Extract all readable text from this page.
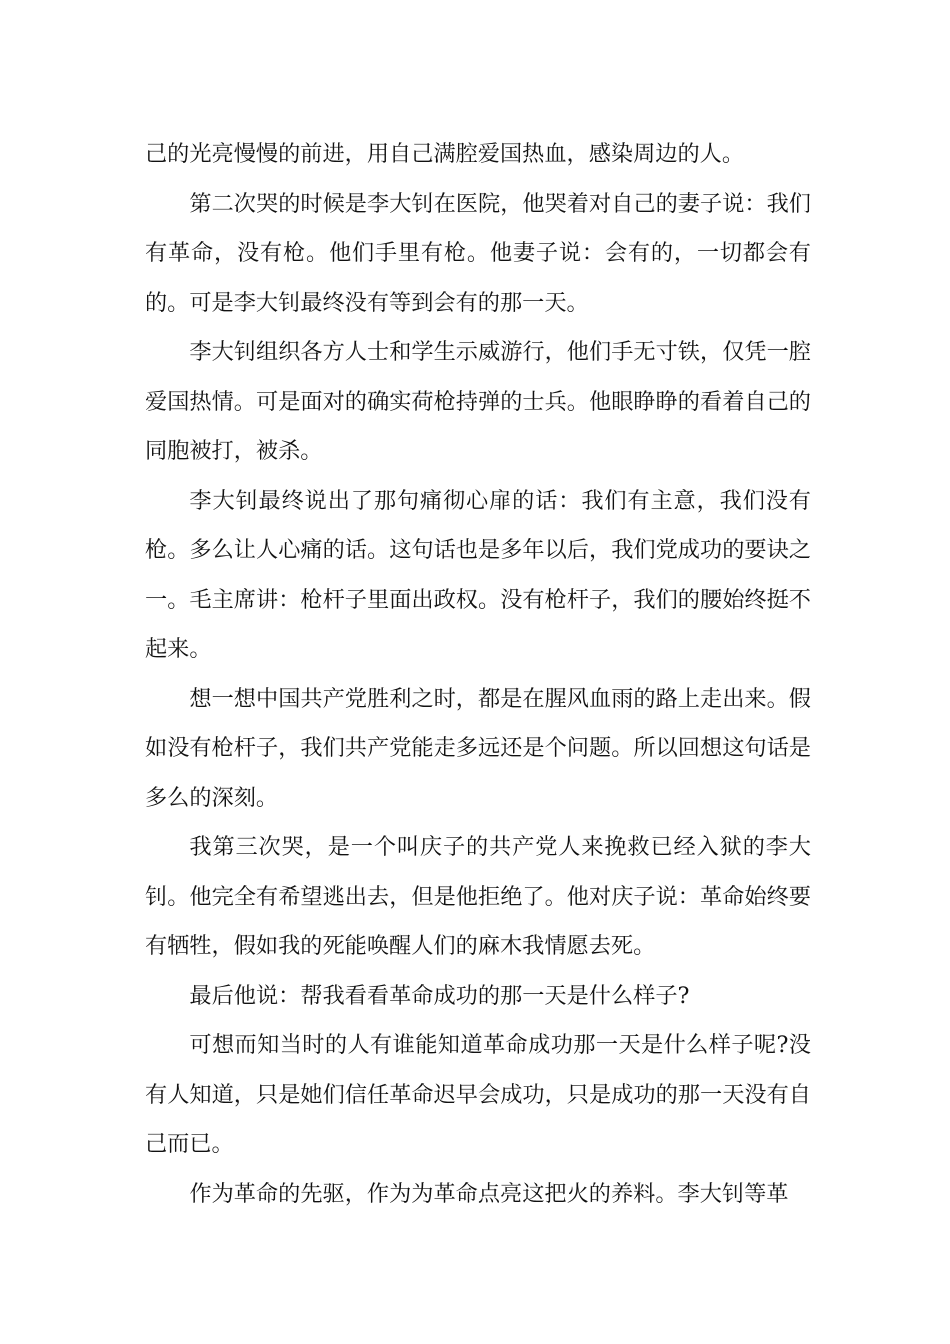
己的光亮慢慢的前进，用自己满腔爱国热血，感染周边的人。

第二次哭的时候是李大钊在医院，他哭着对自己的妻子说：我们有革命，没有枪。他们手里有枪。他妻子说：会有的，一切都会有的。可是李大钊最终没有等到会有的那一天。

李大钊组织各方人士和学生示威游行，他们手无寸铁，仅凭一腔爱国热情。可是面对的确实荷枪持弹的士兵。他眼睁睁的看着自己的同胞被打，被杀。

李大钊最终说出了那句痛彻心扉的话：我们有主意，我们没有枪。多么让人心痛的话。这句话也是多年以后，我们党成功的要诀之一。毛主席讲：枪杆子里面出政权。没有枪杆子，我们的腰始终挺不起来。

想一想中国共产党胜利之时，都是在腥风血雨的路上走出来。假如没有枪杆子，我们共产党能走多远还是个问题。所以回想这句话是多么的深刻。

我第三次哭，是一个叫庆子的共产党人来挽救已经入狱的李大钊。他完全有希望逃出去，但是他拒绝了。他对庆子说：革命始终要有牺牲，假如我的死能唤醒人们的麻木我情愿去死。

最后他说：帮我看看革命成功的那一天是什么样子?

可想而知当时的人有谁能知道革命成功那一天是什么样子呢?没有人知道，只是她们信任革命迟早会成功，只是成功的那一天没有自己而已。

作为革命的先驱，作为为革命点亮这把火的养料。李大钊等革
